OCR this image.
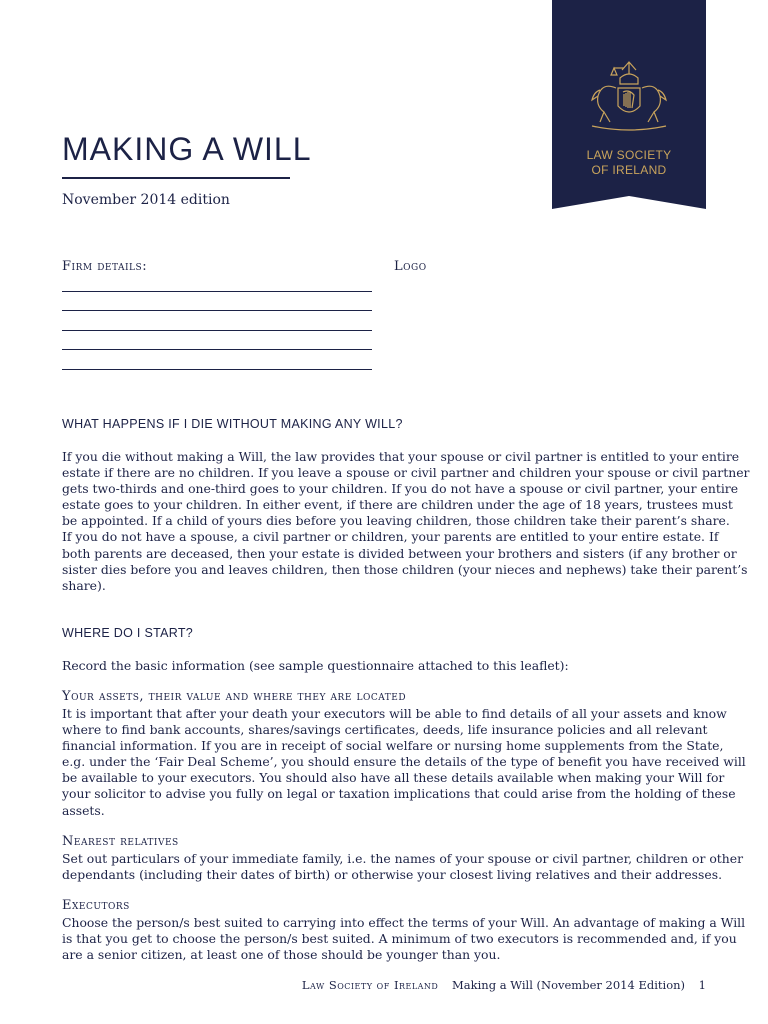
LAW SOCIETY
OF IRELAND
MAKING A WILL
November 2014 edition
Firm details:	Logo
WHAT HAPPENS IF I DIE WITHOUT MAKING ANY WILL?
If you die without making a Will, the law provides that your spouse or civil partner is entitled to your entire
estate if there are no children. If you leave a spouse or civil partner and children your spouse or civil partner
gets two-thirds and one-third goes to your children. If you do not have a spouse or civil partner, your entire
estate goes to your children. In either event, if there are children under the age of 18 years, trustees must
be appointed. If a child of yours dies before you leaving children, those children take their parent’s share.
If you do not have a spouse, a civil partner or children, your parents are entitled to your entire estate. If
both parents are deceased, then your estate is divided between your brothers and sisters (if any brother or
sister dies before you and leaves children, then those children (your nieces and nephews) take their parent’s
share).
WHERE DO I START?
Record the basic information (see sample questionnaire attached to this leaflet):
Your assets, their value and where they are located
It is important that after your death your executors will be able to find details of all your assets and know
where to find bank accounts, shares/savings certificates, deeds, life insurance policies and all relevant
financial information. If you are in receipt of social welfare or nursing home supplements from the State,
e.g. under the ‘Fair Deal Scheme’, you should ensure the details of the type of benefit you have received will
be available to your executors. You should also have all these details available when making your Will for
your solicitor to advise you fully on legal or taxation implications that could arise from the holding of these
assets.
Nearest relatives
Set out particulars of your immediate family, i.e. the names of your spouse or civil partner, children or other
dependants (including their dates of birth) or otherwise your closest living relatives and their addresses.
Executors
Choose the person/s best suited to carrying into effect the terms of your Will. An advantage of making a Will
is that you get to choose the person/s best suited. A minimum of two executors is recommended and, if you
are a senior citizen, at least one of those should be younger than you.
Law Society of Ireland Making a Will (November 2014 Edition) 1
